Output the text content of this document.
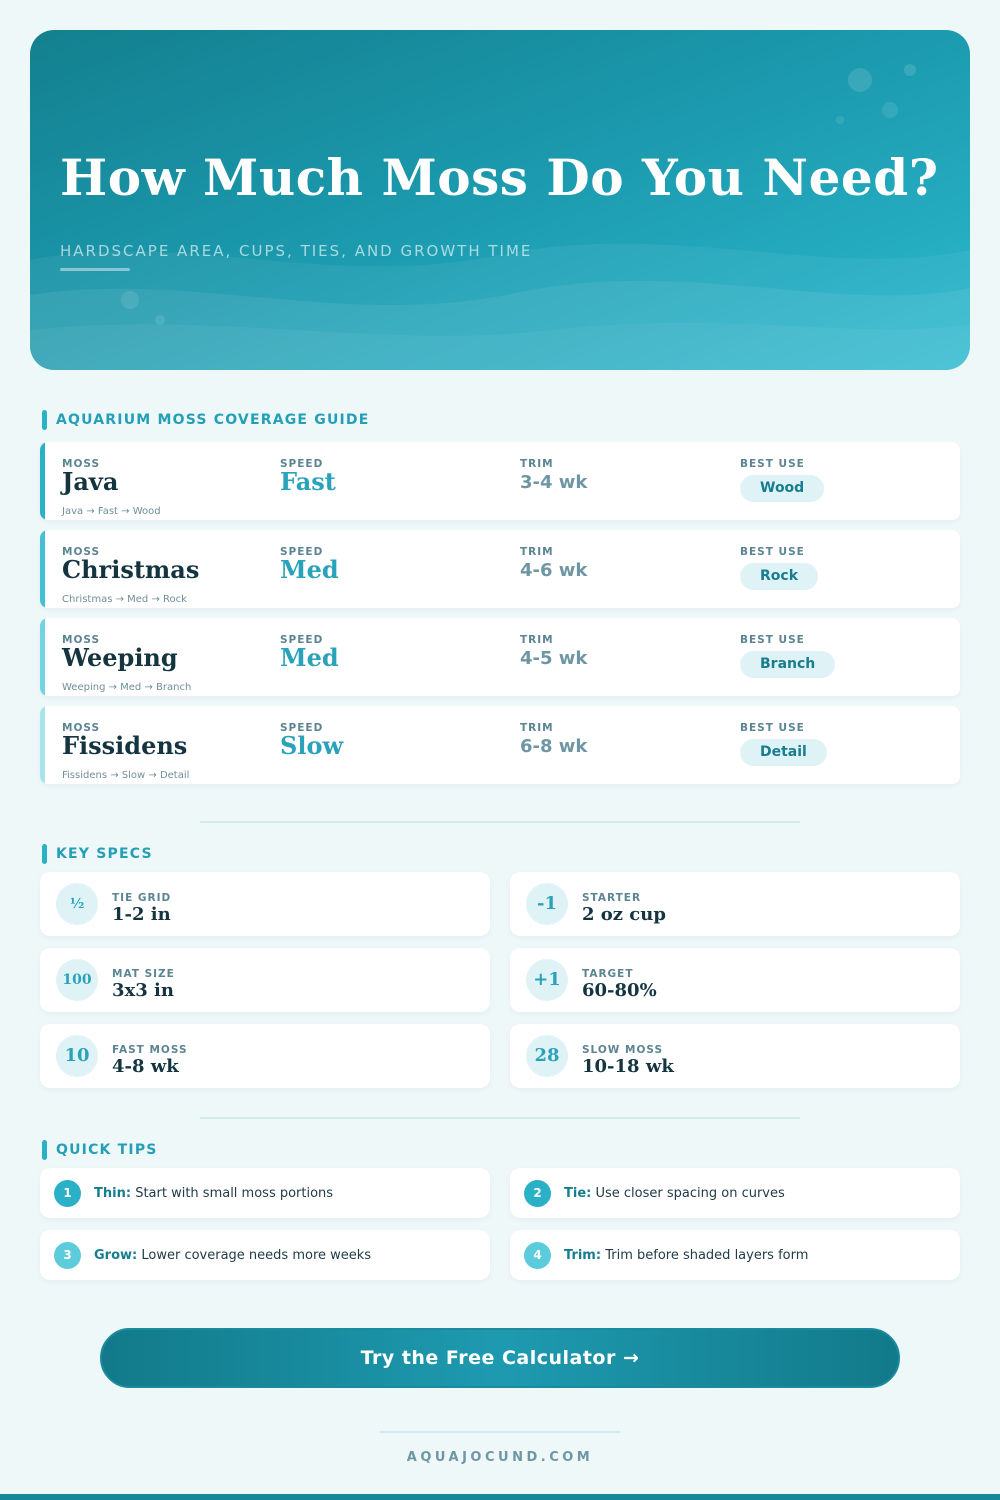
How Much Moss Do You Need?
HARDSCAPE AREA, CUPS, TIES, AND GROWTH TIME
AQUARIUM MOSS COVERAGE GUIDE
MOSS	SPEED	TRIM	BEST USE
Java	Fast	3-4 wk	Wood
Java → Fast → Wood
MOSS	SPEED	TRIM	BEST USE
Christmas	Med	4-6 wk	Rock
Christmas → Med → Rock
MOSS	SPEED	TRIM	BEST USE
Weeping	Med	4-5 wk	Branch
Weeping → Med → Branch
MOSS	SPEED	TRIM	BEST USE
Fissidens	Slow	6-8 wk	Detail
Fissidens → Slow → Detail
KEY SPECS
½	TIE GRID
1-2 in
-1	STARTER
2 oz cup
100	MAT SIZE
3x3 in
+1	TARGET
60-80%
10	FAST MOSS
4-8 wk
28	SLOW MOSS
10-18 wk
QUICK TIPS
1	Thin: Start with small moss portions	2	Tie: Use closer spacing on curves
3	Grow: Lower coverage needs more weeks	4	Trim: Trim before shaded layers form
Try the Free Calculator →
AQUAJOCUND.COM
